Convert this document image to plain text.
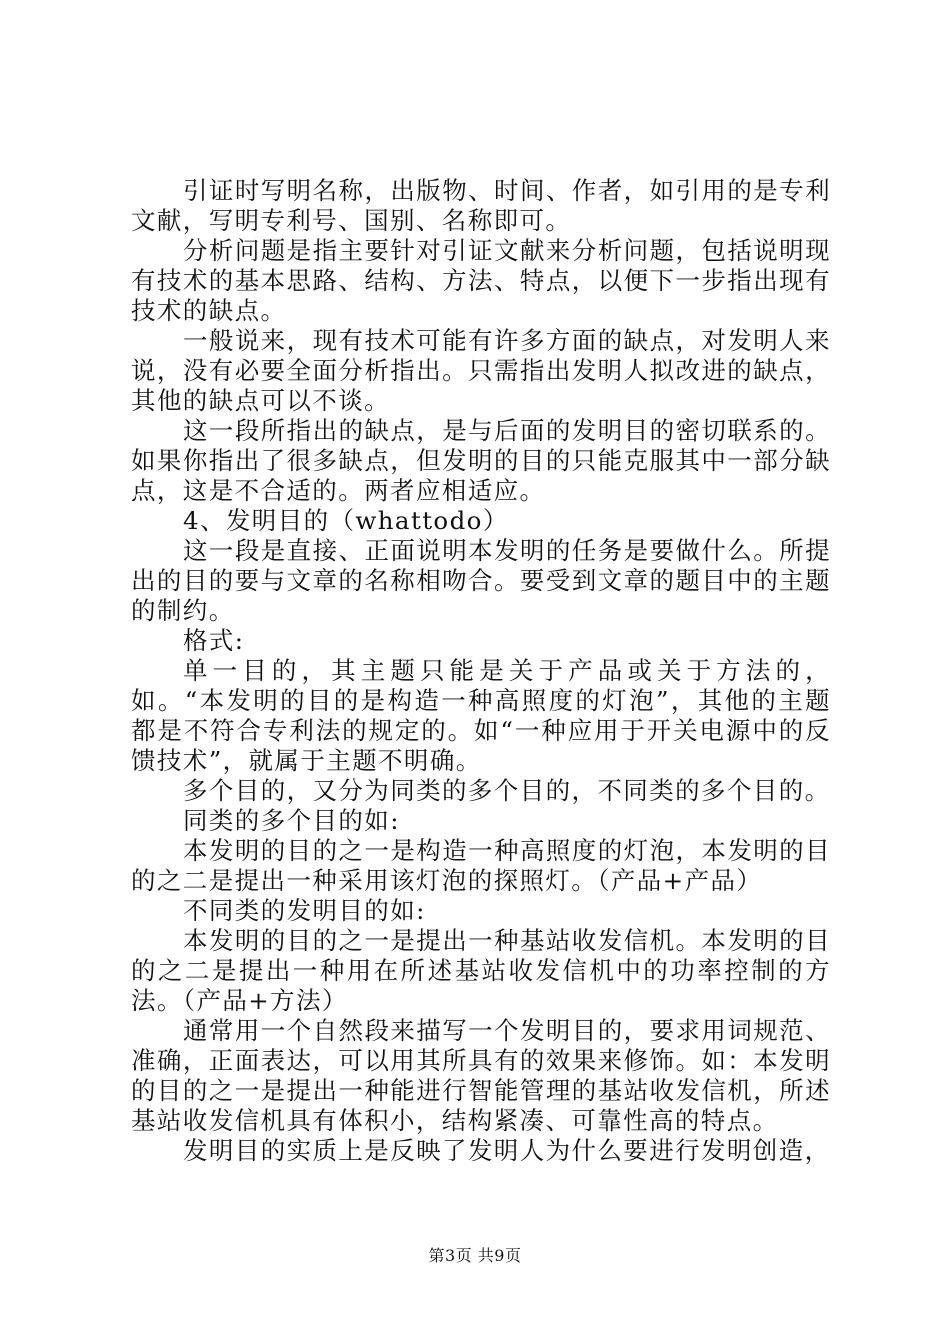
引证时写明名称，出版物、时间、作者，如引用的是专利文献，写明专利号、国别、名称即可。

分析问题是指主要针对引证文献来分析问题，包括说明现有技术的基本思路、结构、方法、特点，以便下一步指出现有技术的缺点。

一般说来，现有技术可能有许多方面的缺点，对发明人来说，没有必要全面分析指出。只需指出发明人拟改进的缺点，其他的缺点可以不谈。

这一段所指出的缺点，是与后面的发明目的密切联系的。如果你指出了很多缺点，但发明的目的只能克服其中一部分缺点，这是不合适的。两者应相适应。

4、发明目的（whattodo）

这一段是直接、正面说明本发明的任务是要做什么。所提出的目的要与文章的名称相吻合。要受到文章的题目中的主题的制约。

格式:

单一目的，其主题只能是关于产品或关于方法的，如。“本发明的目的是构造一种高照度的灯泡”，其他的主题都是不符合专利法的规定的。如“一种应用于开关电源中的反馈技术”，就属于主题不明确。

多个目的，又分为同类的多个目的，不同类的多个目的。

同类的多个目的如:

本发明的目的之一是构造一种高照度的灯泡，本发明的目的之二是提出一种采用该灯泡的探照灯。（产品+产品）

不同类的发明目的如:

本发明的目的之一是提出一种基站收发信机。本发明的目的之二是提出一种用在所述基站收发信机中的功率控制的方法。（产品+方法）

通常用一个自然段来描写一个发明目的，要求用词规范、准确，正面表达，可以用其所具有的效果来修饰。如：本发明的目的之一是提出一种能进行智能管理的基站收发信机，所述基站收发信机具有体积小，结构紧凑、可靠性高的特点。

发明目的实质上是反映了发明人为什么要进行发明创造，

第3页 共9页
